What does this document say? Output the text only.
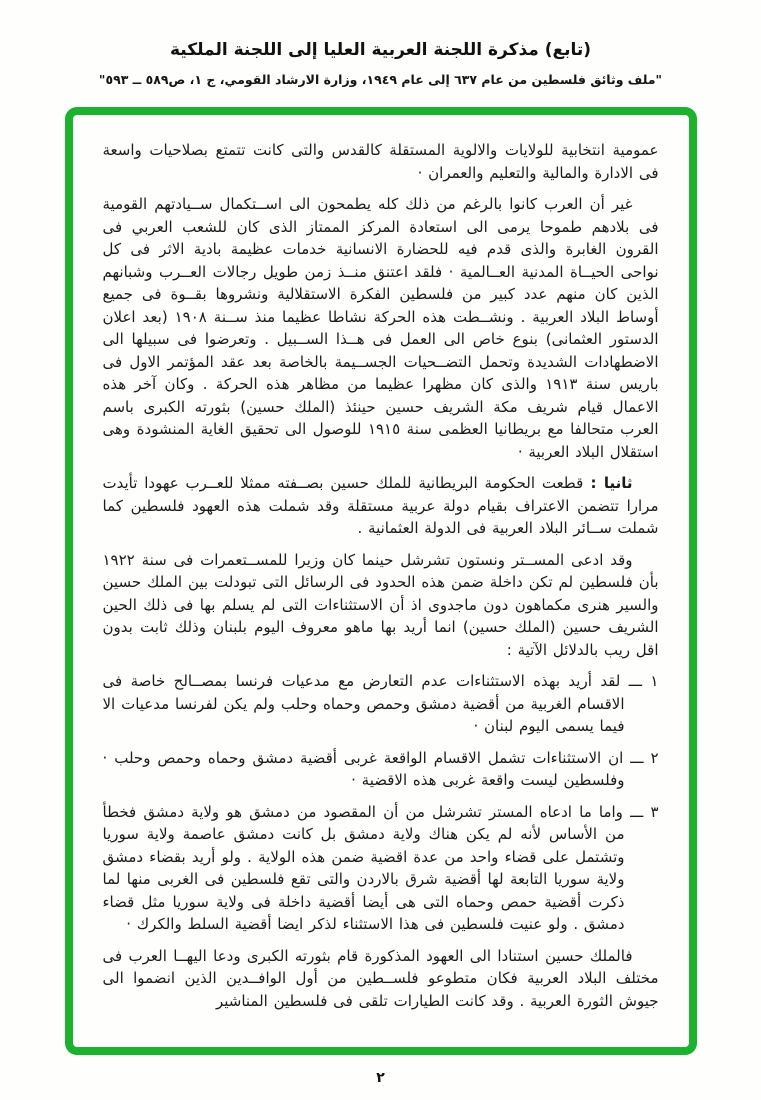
(تابع) مذكرة اللجنة العربية العليا إلى اللجنة الملكية
"ملف وثائق فلسطين من عام ٦٣٧ إلى عام ١٩٤٩، وزارة الارشاد القومي، ج ١، ص٥٨٩ ــ ٥٩٣"

عمومية انتخابية للولايات والالوية المستقلة كالقدس والتى كانت تتمتع بصلاحيات واسعة فى الادارة والمالية والتعليم والعمران ·

غير أن العرب كانوا بالرغم من ذلك كله يطمحون الى اســتكمال ســيادتهم القومية فى بلادهم طموحا يرمى الى استعادة المركز الممتاز الذى كان للشعب العربي فى القرون الغابرة والذى قدم فيه للحضارة الانسانية خدمات عظيمة بادية الاثر فى كل نواحى الحيــاة المدنية العــالمية · فلقد اعتنق منــذ زمن طويل رجالات العــرب وشبانهم الذين كان منهم عدد كبير من فلسطين الفكرة الاستقلالية ونشروها بقــوة فى جميع أوساط البلاد العربية . ونشــطت هذه الحركة نشاطا عظيما منذ ســنة ١٩٠٨ (بعد اعلان الدستور العثمانى) بنوع خاص الى العمل فى هــذا الســبيل . وتعرضوا فى سبيلها الى الاضطهادات الشديدة وتحمل التضــحيات الجســيمة بالخاصة بعد عقد المؤتمر الاول فى باريس سنة ١٩١٣ والذى كان مظهرا عظيما من مظاهر هذه الحركة . وكان آخر هذه الاعمال قيام شريف مكة الشريف حسين حينئذ (الملك حسين) بثورته الكبرى باسم العرب متحالفا مع بريطانيا العظمى سنة ١٩١٥ للوصول الى تحقيق الغاية المنشودة وهى استقلال البلاد العربية ·

ثانيا : قطعت الحكومة البريطانية للملك حسين بصــفته ممثلا للعــرب عهودا تأيدت مرارا تتضمن الاعتراف بقيام دولة عربية مستقلة وقد شملت هذه العهود فلسطين كما شملت ســائر البلاد العربية فى الدولة العثمانية .

وقد ادعى المســتر ونستون تشرشل حينما كان وزيرا للمســتعمرات فى سنة ١٩٢٢ بأن فلسطين لم تكن داخلة ضمن هذه الحدود فى الرسائل التى تبودلت بين الملك حسين والسير هنرى مكماهون دون ماجدوى اذ أن الاستثناءات التى لم يسلم بها فى ذلك الحين الشريف حسين (الملك حسين) انما أريد بها ماهو معروف اليوم بلبنان وذلك ثابت بدون اقل ريب بالدلائل الآتية :

١ ـــ لقد أريد بهذه الاستثناءات عدم التعارض مع مدعيات فرنسا بمصــالح خاصة فى الاقسام الغربية من أقضية دمشق وحمص وحماه وحلب ولم يكن لفرنسا مدعيات الا فيما يسمى اليوم لبنان ·

٢ ـــ ان الاستثناءات تشمل الاقسام الواقعة غربى أقضية دمشق وحماه وحمص وحلب · وفلسطين ليست واقعة غربى هذه الاقضية ·

٣ ـــ واما ما ادعاه المستر تشرشل من أن المقصود من دمشق هو ولاية دمشق فخطأ من الأساس لأنه لم يكن هناك ولاية دمشق بل كانت دمشق عاصمة ولاية سوريا وتشتمل على قضاء واحد من عدة اقضية ضمن هذه الولاية . ولو أريد بقضاء دمشق ولاية سوريا التابعة لها أقضية شرق بالاردن والتى تقع فلسطين فى الغربى منها لما ذكرت أقضية حمص وحماه التى هى أيضا أقضية داخلة فى ولاية سوريا مثل قضاء دمشق . ولو عنيت فلسطين فى هذا الاستثناء لذكر ايضا أقضية السلط والكرك ·

فالملك حسين استنادا الى العهود المذكورة قام بثورته الكبرى ودعا اليهــا العرب فى مختلف البلاد العربية فكان متطوعو فلســطين من أول الوافــدين الذين انضموا الى جيوش الثورة العربية . وقد كانت الطيارات تلقى فى فلسطين المناشير

٢
